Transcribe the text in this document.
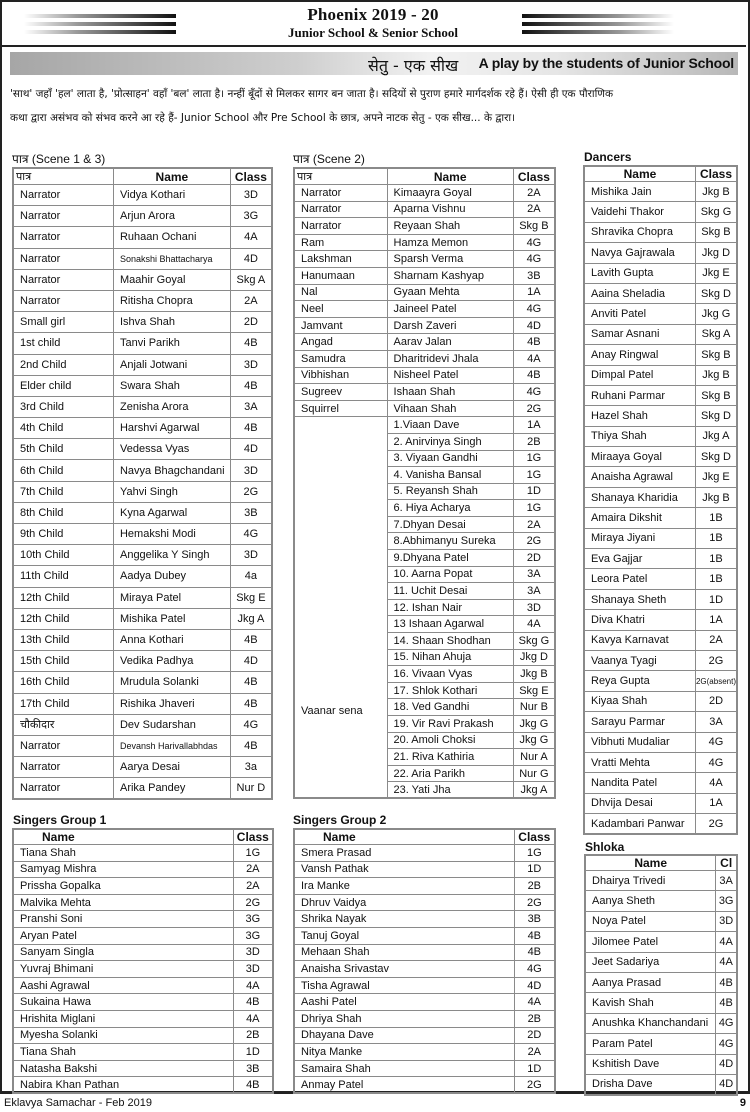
Phoenix 2019 - 20
Junior School & Senior School
सेतु - एक सीख A play by the students of Junior School
'साथ' जहाँ 'हल' लाता है, 'प्रोत्साहन' वहाँ 'बल' लाता है। नन्हीं बूँदों से मिलकर सागर बन जाता है। सदियों से पुराण हमारे मार्गदर्शक रहे हैं। ऐसी ही एक पौराणिक
कथा द्वारा असंभव को संभव करने आ रहे हैं- Junior School और Pre School के छात्र, अपने नाटक सेतु - एक सीख... के द्वारा।
पात्र (Scene 1 & 3)
पात्र	Name	Class
Narrator	Vidya Kothari	3D
Narrator	Arjun Arora	3G
Narrator	Ruhaan Ochani	4A
Narrator	Sonakshi Bhattacharya	4D
Narrator	Maahir Goyal	Skg A
Narrator	Ritisha Chopra	2A
Small girl	Ishva Shah	2D
1st child	Tanvi Parikh	4B
2nd Child	Anjali Jotwani	3D
Elder child	Swara Shah	4B
3rd Child	Zenisha Arora	3A
4th Child	Harshvi Agarwal	4B
5th Child	Vedessa Vyas	4D
6th Child	Navya Bhagchandani	3D
7th Child	Yahvi Singh	2G
8th Child	Kyna Agarwal	3B
9th Child	Hemakshi Modi	4G
10th Child	Anggelika Y Singh	3D
11th Child	Aadya Dubey	4a
12th Child	Miraya Patel	Skg E
12th Child	Mishika Patel	Jkg A
13th Child	Anna Kothari	4B
15th Child	Vedika Padhya	4D
16th Child	Mrudula Solanki	4B
17th Child	Rishika Jhaveri	4B
चौकीदार	Dev Sudarshan	4G
Narrator	Devansh Harivallabhdas	4B
Narrator	Aarya Desai	3a
Narrator	Arika Pandey	Nur D
पात्र (Scene 2)
पात्र	Name	Class
Narrator	Kimaayra Goyal	2A
Narrator	Aparna Vishnu	2A
Narrator	Reyaan Shah	Skg B
Ram	Hamza Memon	4G
Lakshman	Sparsh Verma	4G
Hanumaan	Sharnam Kashyap	3B
Nal	Gyaan Mehta	1A
Neel	Jaineel Patel	4G
Jamvant	Darsh Zaveri	4D
Angad	Aarav Jalan	4B
Samudra	Dharitridevi Jhala	4A
Vibhishan	Nisheel Patel	4B
Sugreev	Ishaan Shah	4G
Squirrel	Vihaan Shah	2G
Vaanar sena	1.Viaan Dave	1A
	2. Anirvinya Singh	2B
	3. Viyaan Gandhi	1G
	4. Vanisha Bansal	1G
	5. Reyansh Shah	1D
	6. Hiya Acharya	1G
	7.Dhyan Desai	2A
	8.Abhimanyu Sureka	2G
	9.Dhyana Patel	2D
	10. Aarna Popat	3A
	11. Uchit Desai	3A
	12. Ishan Nair	3D
	13 Ishaan Agarwal	4A
	14. Shaan Shodhan	Skg G
	15. Nihan Ahuja	Jkg D
	16. Vivaan Vyas	Jkg B
	17. Shlok Kothari	Skg E
	18. Ved Gandhi	Nur B
	19. Vir Ravi Prakash	Jkg G
	20. Amoli Choksi	Jkg G
	21. Riva Kathiria	Nur A
	22. Aria Parikh	Nur G
	23. Yati Jha	Jkg A
Dancers
Name	Class
Mishika Jain	Jkg B
Vaidehi Thakor	Skg G
Shravika Chopra	Skg B
Navya Gajrawala	Jkg D
Lavith Gupta	Jkg E
Aaina Sheladia	Skg D
Anviti Patel	Jkg G
Samar Asnani	Skg A
Anay Ringwal	Skg B
Dimpal Patel	Jkg B
Ruhani Parmar	Skg B
Hazel Shah	Skg D
Thiya Shah	Jkg A
Miraaya Goyal	Skg D
Anaisha Agrawal	Jkg E
Shanaya Kharidia	Jkg B
Amaira Dikshit	1B
Miraya Jiyani	1B
Eva Gajjar	1B
Leora Patel	1B
Shanaya Sheth	1D
Diva Khatri	1A
Kavya Karnavat	2A
Vaanya Tyagi	2G
Reya Gupta	2G(absent)
Kiyaa Shah	2D
Sarayu Parmar	3A
Vibhuti Mudaliar	4G
Vratti Mehta	4G
Nandita Patel	4A
Dhvija Desai	1A
Kadambari Panwar	2G
Singers Group 1
Name	Class
Tiana Shah	1G
Samyag Mishra	2A
Prissha Gopalka	2A
Malvika Mehta	2G
Pranshi Soni	3G
Aryan Patel	3G
Sanyam Singla	3D
Yuvraj Bhimani	3D
Aashi Agrawal	4A
Sukaina Hawa	4B
Hrishita Miglani	4A
Myesha Solanki	2B
Tiana Shah	1D
Natasha Bakshi	3B
Nabira Khan Pathan	4B
Singers Group 2
Name	Class
Smera Prasad	1G
Vansh Pathak	1D
Ira Manke	2B
Dhruv Vaidya	2G
Shrika Nayak	3B
Tanuj Goyal	4B
Mehaan Shah	4B
Anaisha Srivastav	4G
Tisha Agrawal	4D
Aashi Patel	4A
Dhriya Shah	2B
Dhayana Dave	2D
Nitya Manke	2A
Samaira Shah	1D
Anmay Patel	2G
Shloka
Name	Cl
Dhairya Trivedi	3A
Aanya Sheth	3G
Noya Patel	3D
Jilomee Patel	4A
Jeet Sadariya	4A
Aanya Prasad	4B
Kavish Shah	4B
Anushka Khanchandani	4G
Param Patel	4G
Kshitish Dave	4D
Drisha Dave	4D
Eklavya Samachar - Feb 2019	9
